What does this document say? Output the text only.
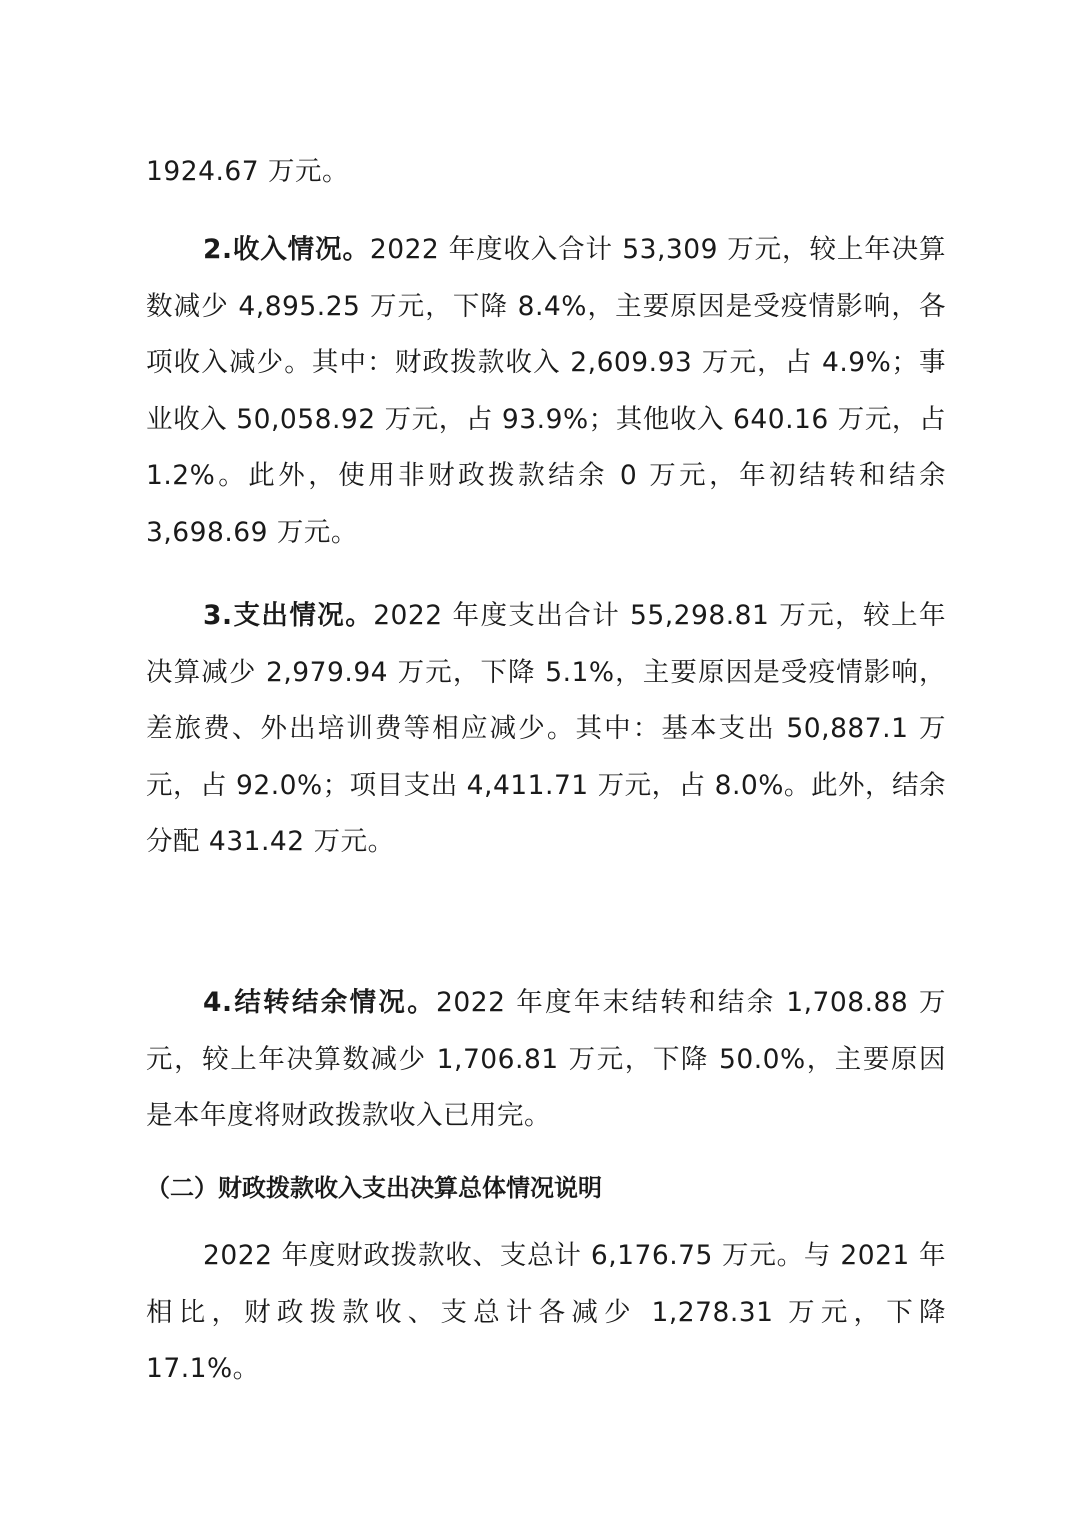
1924.67 万元。

2.收入情况。2022 年度收入合计 53,309 万元，较上年决算数减少 4,895.25 万元，下降 8.4%，主要原因是受疫情影响，各项收入减少。其中：财政拨款收入 2,609.93 万元，占 4.9%；事业收入 50,058.92 万元，占 93.9%；其他收入 640.16 万元，占 1.2%。此外，使用非财政拨款结余 0 万元，年初结转和结余 3,698.69 万元。

3.支出情况。2022 年度支出合计 55,298.81 万元，较上年决算减少 2,979.94 万元，下降 5.1%，主要原因是受疫情影响，差旅费、外出培训费等相应减少。其中：基本支出 50,887.1 万元，占 92.0%；项目支出 4,411.71 万元，占 8.0%。此外，结余分配 431.42 万元。

4.结转结余情况。2022 年度年末结转和结余 1,708.88 万元，较上年决算数减少 1,706.81 万元，下降 50.0%，主要原因是本年度将财政拨款收入已用完。

（二）财政拨款收入支出决算总体情况说明

2022 年度财政拨款收、支总计 6,176.75 万元。与 2021 年相比，财政拨款收、支总计各减少 1,278.31 万元，下降 17.1%。
